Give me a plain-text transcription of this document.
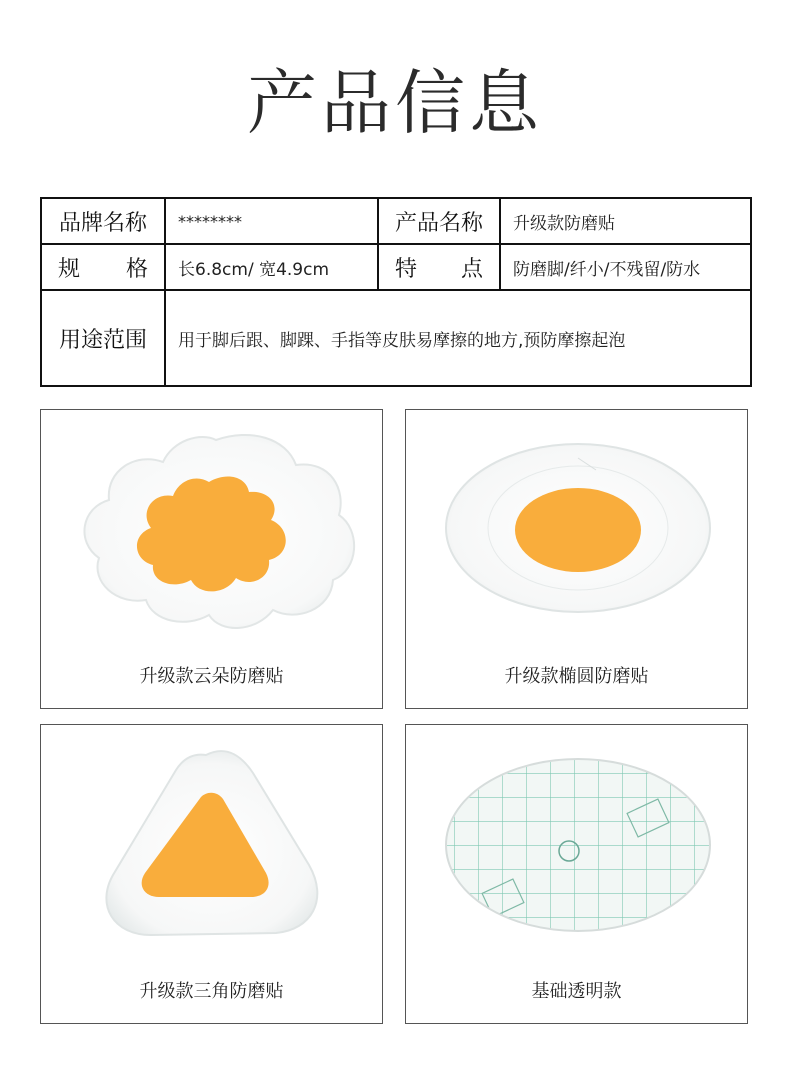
产品信息
品牌名称	********	产品名称	升级款防磨贴
规格	长6.8cm/ 宽4.9cm	特点	防磨脚/纤小/不残留/防水
用途范围	用于脚后跟、脚踝、手指等皮肤易摩擦的地方,预防摩擦起泡		
升级款云朵防磨贴	升级款椭圆防磨贴
升级款三角防磨贴	基础透明款
